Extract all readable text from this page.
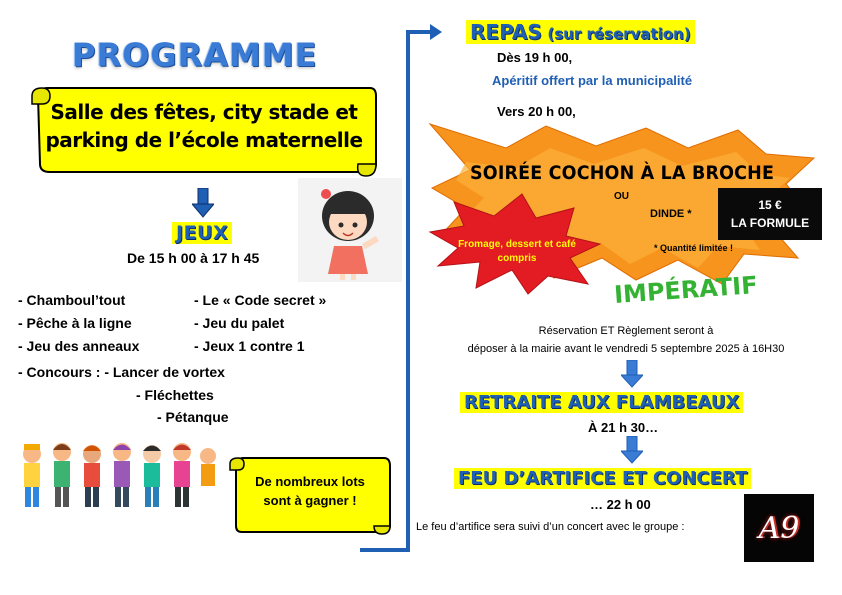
PROGRAMME
Salle des fêtes, city stade et
parking de l’école maternelle
JEUX
De 15 h 00 à 17 h 45
- Chamboul’tout
- Pêche à la ligne
- Jeu des anneaux
- Le « Code secret »
- Jeu du palet
- Jeux 1 contre 1
- Concours : - Lancer de vortex
- Fléchettes
- Pétanque
De nombreux lots
sont à gagner !
REPAS (sur réservation)
Dès 19 h 00,
Apéritif offert par la municipalité
Vers 20 h 00,
SOIRÉE COCHON À LA BROCHE
OU
DINDE *
15 €
LA FORMULE
Fromage, dessert et café
compris
* Quantité limitée !
IMPÉRATIF
Réservation ET Règlement seront à
déposer à la mairie avant le vendredi 5 septembre 2025 à 16H30
RETRAITE AUX FLAMBEAUX
À 21 h 30…
FEU D’ARTIFICE ET CONCERT
… 22 h 00
Le feu d’artifice sera suivi d’un concert avec le groupe : A9
